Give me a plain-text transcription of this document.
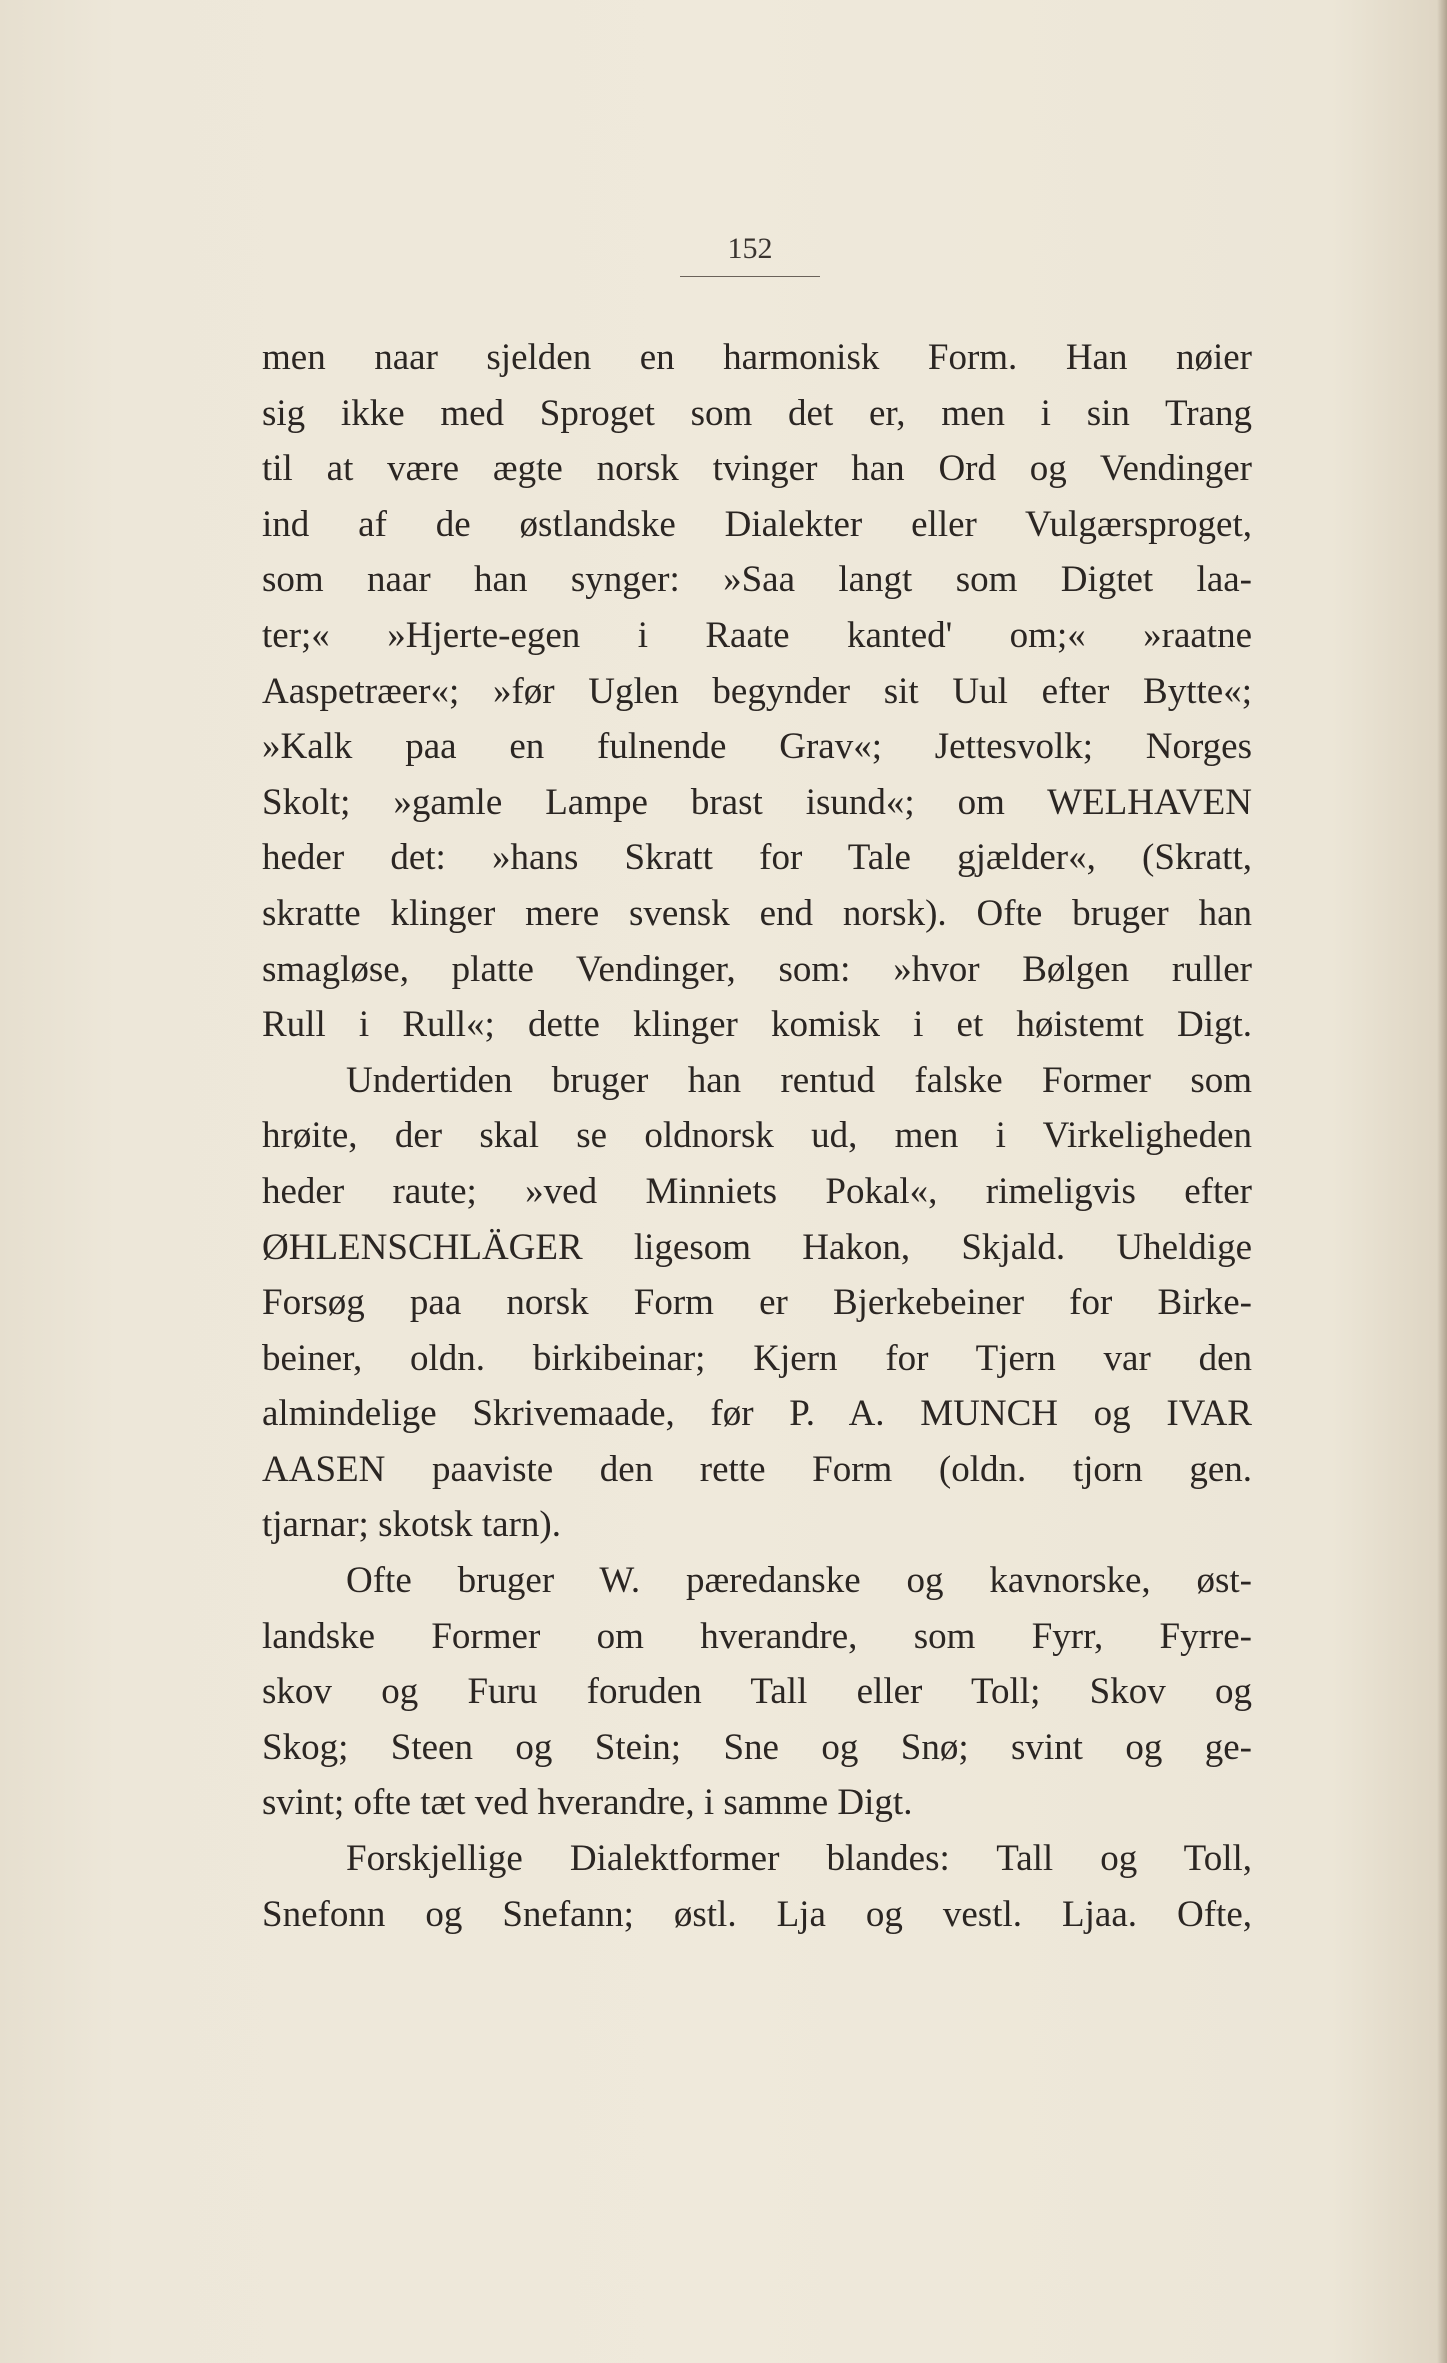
152
men naar sjelden en harmonisk Form. Han nøier
sig ikke med Sproget som det er, men i sin Trang
til at være ægte norsk tvinger han Ord og Vendinger
ind af de østlandske Dialekter eller Vulgærsproget,
som naar han synger: »Saa langt som Digtet laa-
ter;« »Hjerte-egen i Raate kanted' om;« »raatne
Aaspetræer«; »før Uglen begynder sit Uul efter Bytte«;
»Kalk paa en fulnende Grav«; Jettesvolk; Norges
Skolt; »gamle Lampe brast isund«; om WELHAVEN
heder det: »hans Skratt for Tale gjælder«, (Skratt,
skratte klinger mere svensk end norsk). Ofte bruger han
smagløse, platte Vendinger, som: »hvor Bølgen ruller
Rull i Rull«; dette klinger komisk i et høistemt Digt.
Undertiden bruger han rentud falske Former som
hrøite, der skal se oldnorsk ud, men i Virkeligheden
heder raute; »ved Minniets Pokal«, rimeligvis efter
ØHLENSCHLÄGER ligesom Hakon, Skjald. Uheldige
Forsøg paa norsk Form er Bjerkebeiner for Birke-
beiner, oldn. birkibeinar; Kjern for Tjern var den
almindelige Skrivemaade, før P. A. MUNCH og IVAR
AASEN paaviste den rette Form (oldn. tjorn gen.
tjarnar; skotsk tarn).
Ofte bruger W. pæredanske og kavnorske, øst-
landske Former om hverandre, som Fyrr, Fyrre-
skov og Furu foruden Tall eller Toll; Skov og
Skog; Steen og Stein; Sne og Snø; svint og ge-
svint; ofte tæt ved hverandre, i samme Digt.
Forskjellige Dialektformer blandes: Tall og Toll,
Snefonn og Snefann; østl. Lja og vestl. Ljaa. Ofte,
